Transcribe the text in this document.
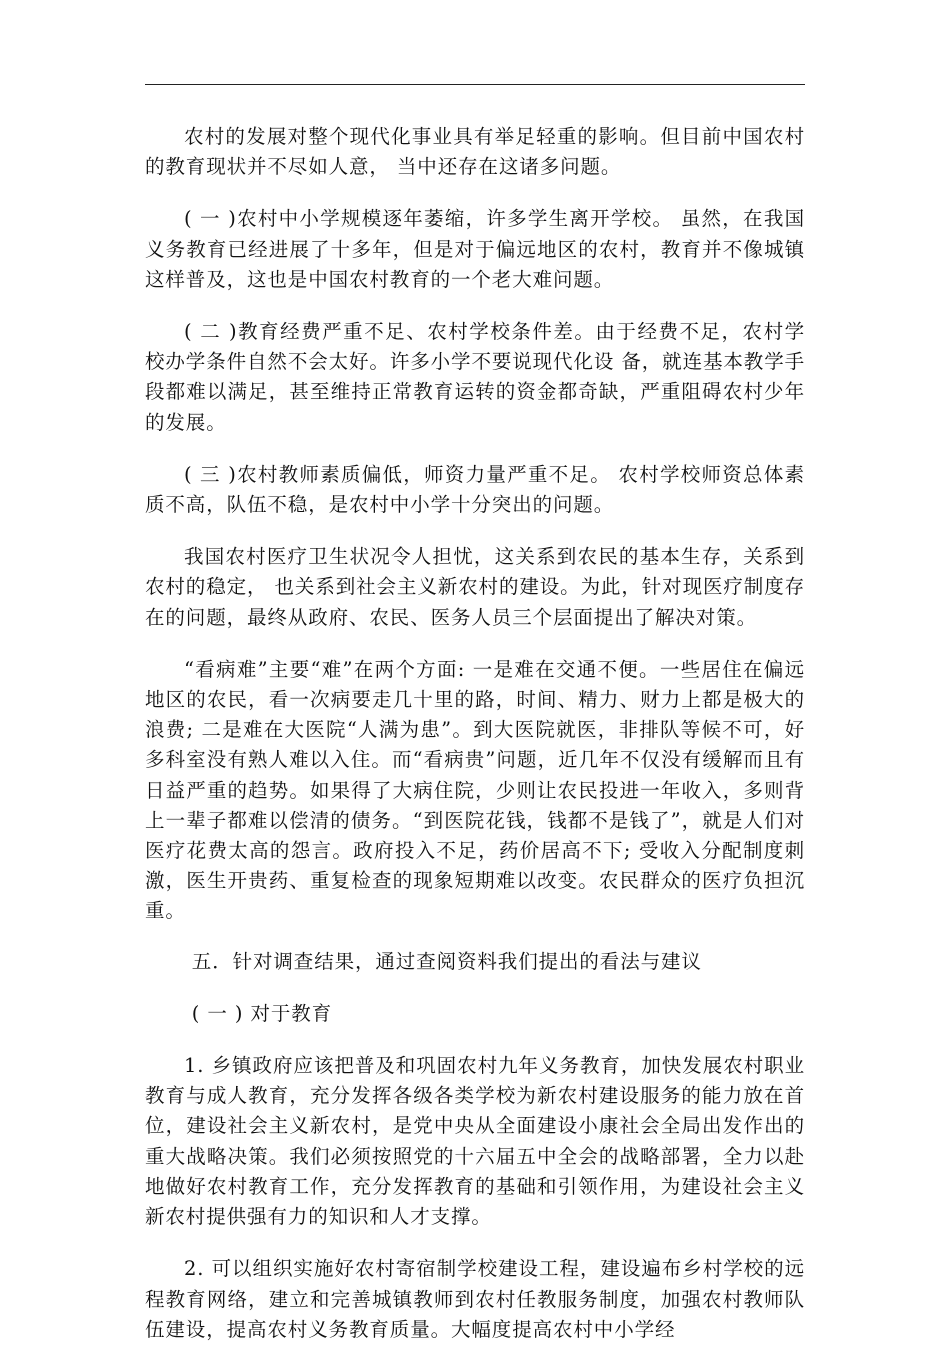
农村的发展对整个现代化事业具有举足轻重的影响。但目前中国农村的教育现状并不尽如人意， 当中还存在这诸多问题。

( 一 )农村中小学规模逐年萎缩，许多学生离开学校。 虽然，在我国义务教育已经进展了十多年，但是对于偏远地区的农村，教育并不像城镇这样普及，这也是中国农村教育的一个老大难问题。

( 二 )教育经费严重不足、农村学校条件差。由于经费不足，农村学校办学条件自然不会太好。许多小学不要说现代化设 备，就连基本教学手段都难以满足，甚至维持正常教育运转的资金都奇缺，严重阻碍农村少年的发展。

( 三 )农村教师素质偏低，师资力量严重不足。 农村学校师资总体素质不高，队伍不稳，是农村中小学十分突出的问题。

我国农村医疗卫生状况令人担忧，这关系到农民的基本生存，关系到农村的稳定， 也关系到社会主义新农村的建设。为此，针对现医疗制度存在的问题，最终从政府、农民、医务人员三个层面提出了解决对策。

“看病难”主要“难”在两个方面: 一是难在交通不便。一些居住在偏远地区的农民，看一次病要走几十里的路，时间、精力、财力上都是极大的浪费; 二是难在大医院“人满为患”。到大医院就医，非排队等候不可，好多科室没有熟人难以入住。而“看病贵”问题，近几年不仅没有缓解而且有日益严重的趋势。如果得了大病住院，少则让农民投进一年收入，多则背上一辈子都难以偿清的债务。“到医院花钱，钱都不是钱了”，就是人们对医疗花费太高的怨言。政府投入不足，药价居高不下; 受收入分配制度刺激，医生开贵药、重复检查的现象短期难以改变。农民群众的医疗负担沉重。

五．针对调查结果，通过查阅资料我们提出的看法与建议

( 一 ) 对于教育

1. 乡镇政府应该把普及和巩固农村九年义务教育，加快发展农村职业教育与成人教育，充分发挥各级各类学校为新农村建设服务的能力放在首位，建设社会主义新农村，是党中央从全面建设小康社会全局出发作出的重大战略决策。我们必须按照党的十六届五中全会的战略部署，全力以赴地做好农村教育工作，充分发挥教育的基础和引领作用，为建设社会主义新农村提供强有力的知识和人才支撑。

2. 可以组织实施好农村寄宿制学校建设工程，建设遍布乡村学校的远程教育网络，建立和完善城镇教师到农村任教服务制度，加强农村教师队伍建设，提高农村义务教育质量。大幅度提高农村中小学经
